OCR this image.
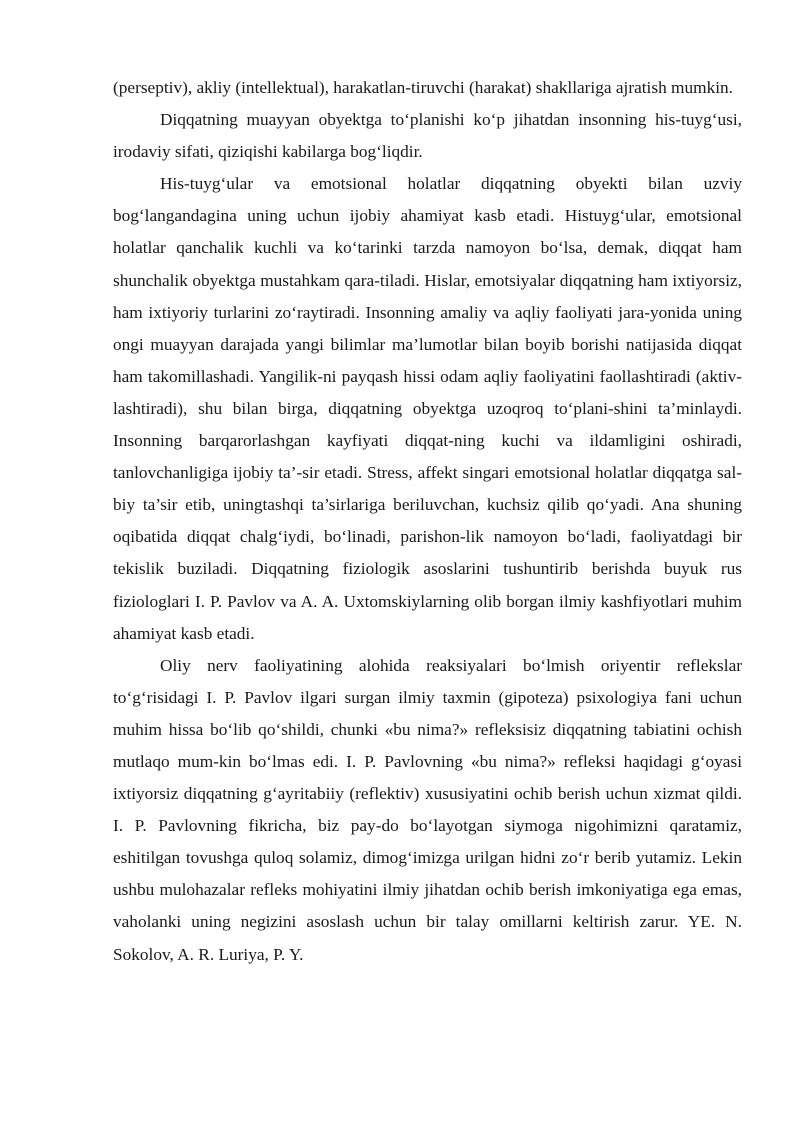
(perseptiv), akliy (intellektual), harakatlan-tiruvchi (harakat) shakllariga ajratish mumkin.

Diqqatning muayyan obyektga to‘planishi ko‘p jihatdan insonning his-tuyg‘usi, irodaviy sifati, qiziqishi kabilarga bog‘liqdir.

His-tuyg‘ular va emotsional holatlar diqqatning obyekti bilan uzviy bog‘langandagina uning uchun ijobiy ahamiyat kasb etadi. Histuyg‘ular, emotsional holatlar qanchalik kuchli va ko‘tarinki tarzda namoyon bo‘lsa, demak, diqqat ham shunchalik obyektga mustahkam qara-tiladi. Hislar, emotsiyalar diqqatning ham ixtiyorsiz, ham ixtiyoriy turlarini zo‘raytiradi. Insonning amaliy va aqliy faoliyati jara-yonida uning ongi muayyan darajada yangi bilimlar ma’lumotlar bilan boyib borishi natijasida diqqat ham takomillashadi. Yangilik-ni payqash hissi odam aqliy faoliyatini faollashtiradi (aktiv-lashtiradi), shu bilan birga, diqqatning obyektga uzoqroq to‘plani-shini ta’minlaydi. Insonning barqarorlashgan kayfiyati diqqat-ning kuchi va ildamligini oshiradi, tanlovchanligiga ijobiy ta’-sir etadi. Stress, affekt singari emotsional holatlar diqqatga sal-biy ta’sir etib, uningtashqi ta’sirlariga beriluvchan, kuchsiz qilib qo‘yadi. Ana shuning oqibatida diqqat chalg‘iydi, bo‘linadi, parishon-lik namoyon bo‘ladi, faoliyatdagi bir tekislik buziladi. Diqqatning fiziologik asoslarini tushuntirib berishda buyuk rus fiziologlari I. P. Pavlov va A. A. Uxtomskiylarning olib borgan ilmiy kashfiyotlari muhim ahamiyat kasb etadi.

Oliy nerv faoliyatining alohida reaksiyalari bo‘lmish oriyentir reflekslar to‘g‘risidagi I. P. Pavlov ilgari surgan ilmiy taxmin (gipoteza) psixologiya fani uchun muhim hissa bo‘lib qo‘shildi, chunki «bu nima?» refleksisiz diqqatning tabiatini ochish mutlaqo mum-kin bo‘lmas edi. I. P. Pavlovning «bu nima?» refleksi haqidagi g‘oyasi ixtiyorsiz diqqatning g‘ayritabiiy (reflektiv) xususiyatini ochib berish uchun xizmat qildi. I. P. Pavlovning fikricha, biz pay-do bo‘layotgan siymoga nigohimizni qaratamiz, eshitilgan tovushga quloq solamiz, dimog‘imizga urilgan hidni zo‘r berib yutamiz. Lekin ushbu mulohazalar refleks mohiyatini ilmiy jihatdan ochib berish imkoniyatiga ega emas, vaholanki uning negizini asoslash uchun bir talay omillarni keltirish zarur. YE. N. Sokolov, A. R. Luriya, P. Y.
